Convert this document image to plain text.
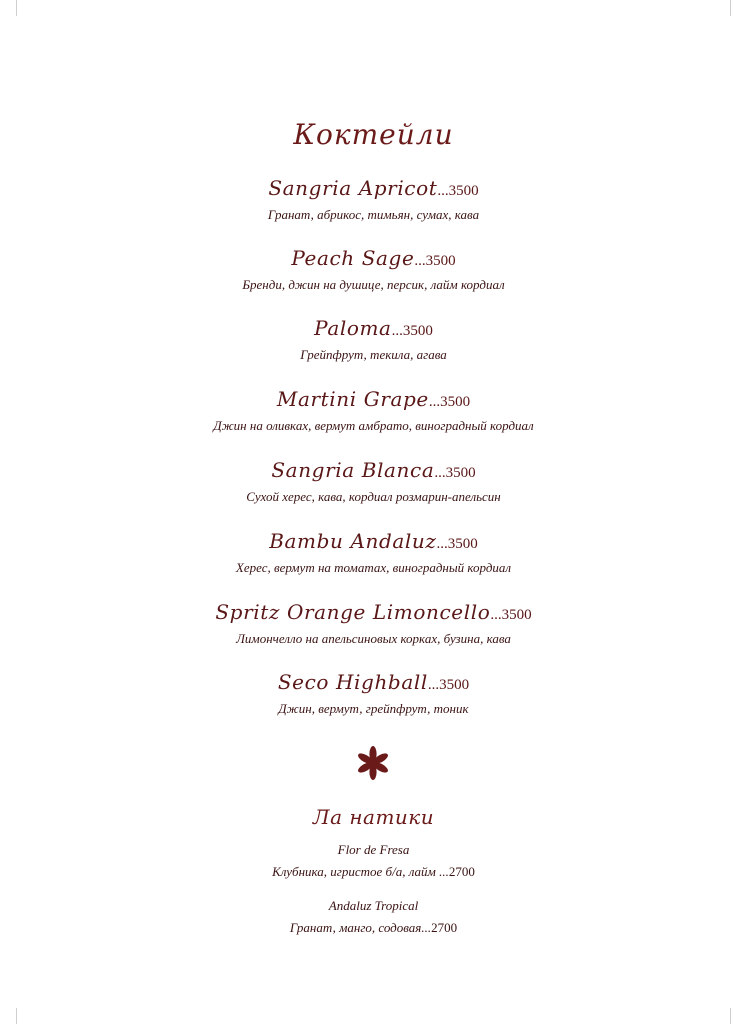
Коктейли
Sangria Apricot...3500
Гранат, абрикос, тимьян, сумах, кава
Peach Sage...3500
Бренди, джин на душице, персик, лайм кордиал
Paloma...3500
Грейпфрут, текила, агава
Martini Grape...3500
Джин на оливках, вермут амбрато, виноградный кордиал
Sangria Blanca...3500
Сухой херес, кава, кордиал розмарин-апельсин
Bambu Andaluz...3500
Херес, вермут на томатах, виноградный кордиал
Spritz Orange Limoncello...3500
Лимончелло на апельсиновых корках, бузина, кава
Seco Highball...3500
Джин, вермут, грейпфрут, тоник
Ла натики
Flor de Fresa
Клубника, игристое б/а, лайм ...2700
Andaluz Tropical
Гранат, манго, содовая...2700
